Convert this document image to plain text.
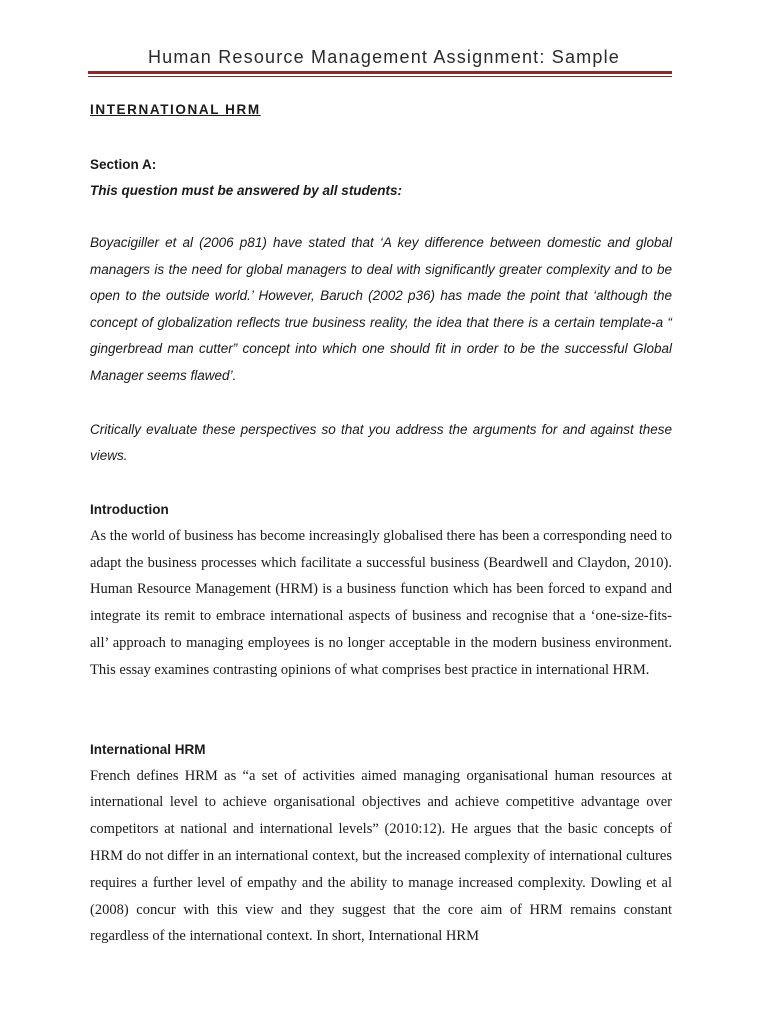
Human Resource Management Assignment: Sample

INTERNATIONAL HRM

Section A:

This question must be answered by all students:

Boyacigiller et al (2006 p81) have stated that ‘A key difference between domestic and global managers is the need for global managers to deal with significantly greater complexity and to be open to the outside world.’ However, Baruch (2002 p36) has made the point that ‘although the concept of globalization reflects true business reality, the idea that there is a certain template-a “ gingerbread man cutter” concept into which one should fit in order to be the successful Global Manager seems flawed’.

Critically evaluate these perspectives so that you address the arguments for and against these views.

Introduction

As the world of business has become increasingly globalised there has been a corresponding need to adapt the business processes which facilitate a successful business (Beardwell and Claydon, 2010). Human Resource Management (HRM) is a business function which has been forced to expand and integrate its remit to embrace international aspects of business and recognise that a ‘one-size-fits-all’ approach to managing employees is no longer acceptable in the modern business environment. This essay examines contrasting opinions of what comprises best practice in international HRM.

International HRM

French defines HRM as “a set of activities aimed managing organisational human resources at international level to achieve organisational objectives and achieve competitive advantage over competitors at national and international levels” (2010:12). He argues that the basic concepts of HRM do not differ in an international context, but the increased complexity of international cultures requires a further level of empathy and the ability to manage increased complexity. Dowling et al (2008) concur with this view and they suggest that the core aim of HRM remains constant regardless of the international context. In short, International HRM
